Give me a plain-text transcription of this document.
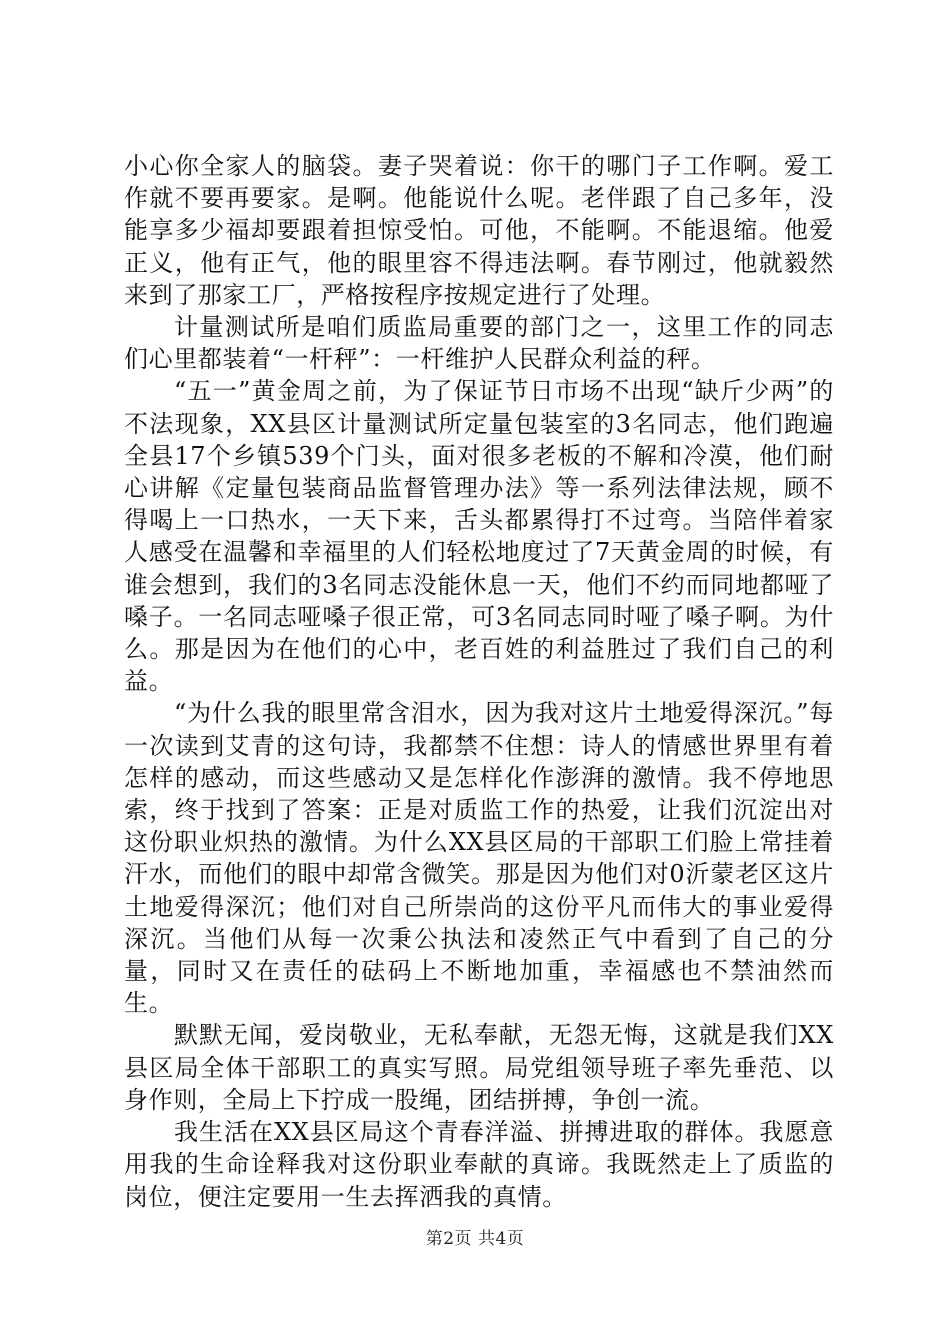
小心你全家人的脑袋。妻子哭着说：你干的哪门子工作啊。爱工作就不要再要家。是啊。他能说什么呢。老伴跟了自己多年，没能享多少福却要跟着担惊受怕。可他，不能啊。不能退缩。他爱正义，他有正气，他的眼里容不得违法啊。春节刚过，他就毅然来到了那家工厂，严格按程序按规定进行了处理。

计量测试所是咱们质监局重要的部门之一，这里工作的同志们心里都装着“一杆秤”：一杆维护人民群众利益的秤。

“五一”黄金周之前，为了保证节日市场不出现“缺斤少两”的不法现象，XX县区计量测试所定量包装室的3名同志，他们跑遍全县17个乡镇539个门头，面对很多老板的不解和冷漠，他们耐心讲解《定量包装商品监督管理办法》等一系列法律法规，顾不得喝上一口热水，一天下来，舌头都累得打不过弯。当陪伴着家人感受在温馨和幸福里的人们轻松地度过了7天黄金周的时候，有谁会想到，我们的3名同志没能休息一天，他们不约而同地都哑了嗓子。一名同志哑嗓子很正常，可3名同志同时哑了嗓子啊。为什么。那是因为在他们的心中，老百姓的利益胜过了我们自己的利益。

“为什么我的眼里常含泪水，因为我对这片土地爱得深沉。”每一次读到艾青的这句诗，我都禁不住想：诗人的情感世界里有着怎样的感动，而这些感动又是怎样化作澎湃的激情。我不停地思索，终于找到了答案：正是对质监工作的热爱，让我们沉淀出对这份职业炽热的激情。为什么XX县区局的干部职工们脸上常挂着汗水，而他们的眼中却常含微笑。那是因为他们对0沂蒙老区这片土地爱得深沉；他们对自己所崇尚的这份平凡而伟大的事业爱得深沉。当他们从每一次秉公执法和凌然正气中看到了自己的分量，同时又在责任的砝码上不断地加重，幸福感也不禁油然而生。

默默无闻，爱岗敬业，无私奉献，无怨无悔，这就是我们XX县区局全体干部职工的真实写照。局党组领导班子率先垂范、以身作则，全局上下拧成一股绳，团结拼搏，争创一流。

我生活在XX县区局这个青春洋溢、拼搏进取的群体。我愿意用我的生命诠释我对这份职业奉献的真谛。我既然走上了质监的岗位，便注定要用一生去挥洒我的真情。

第2页 共4页
